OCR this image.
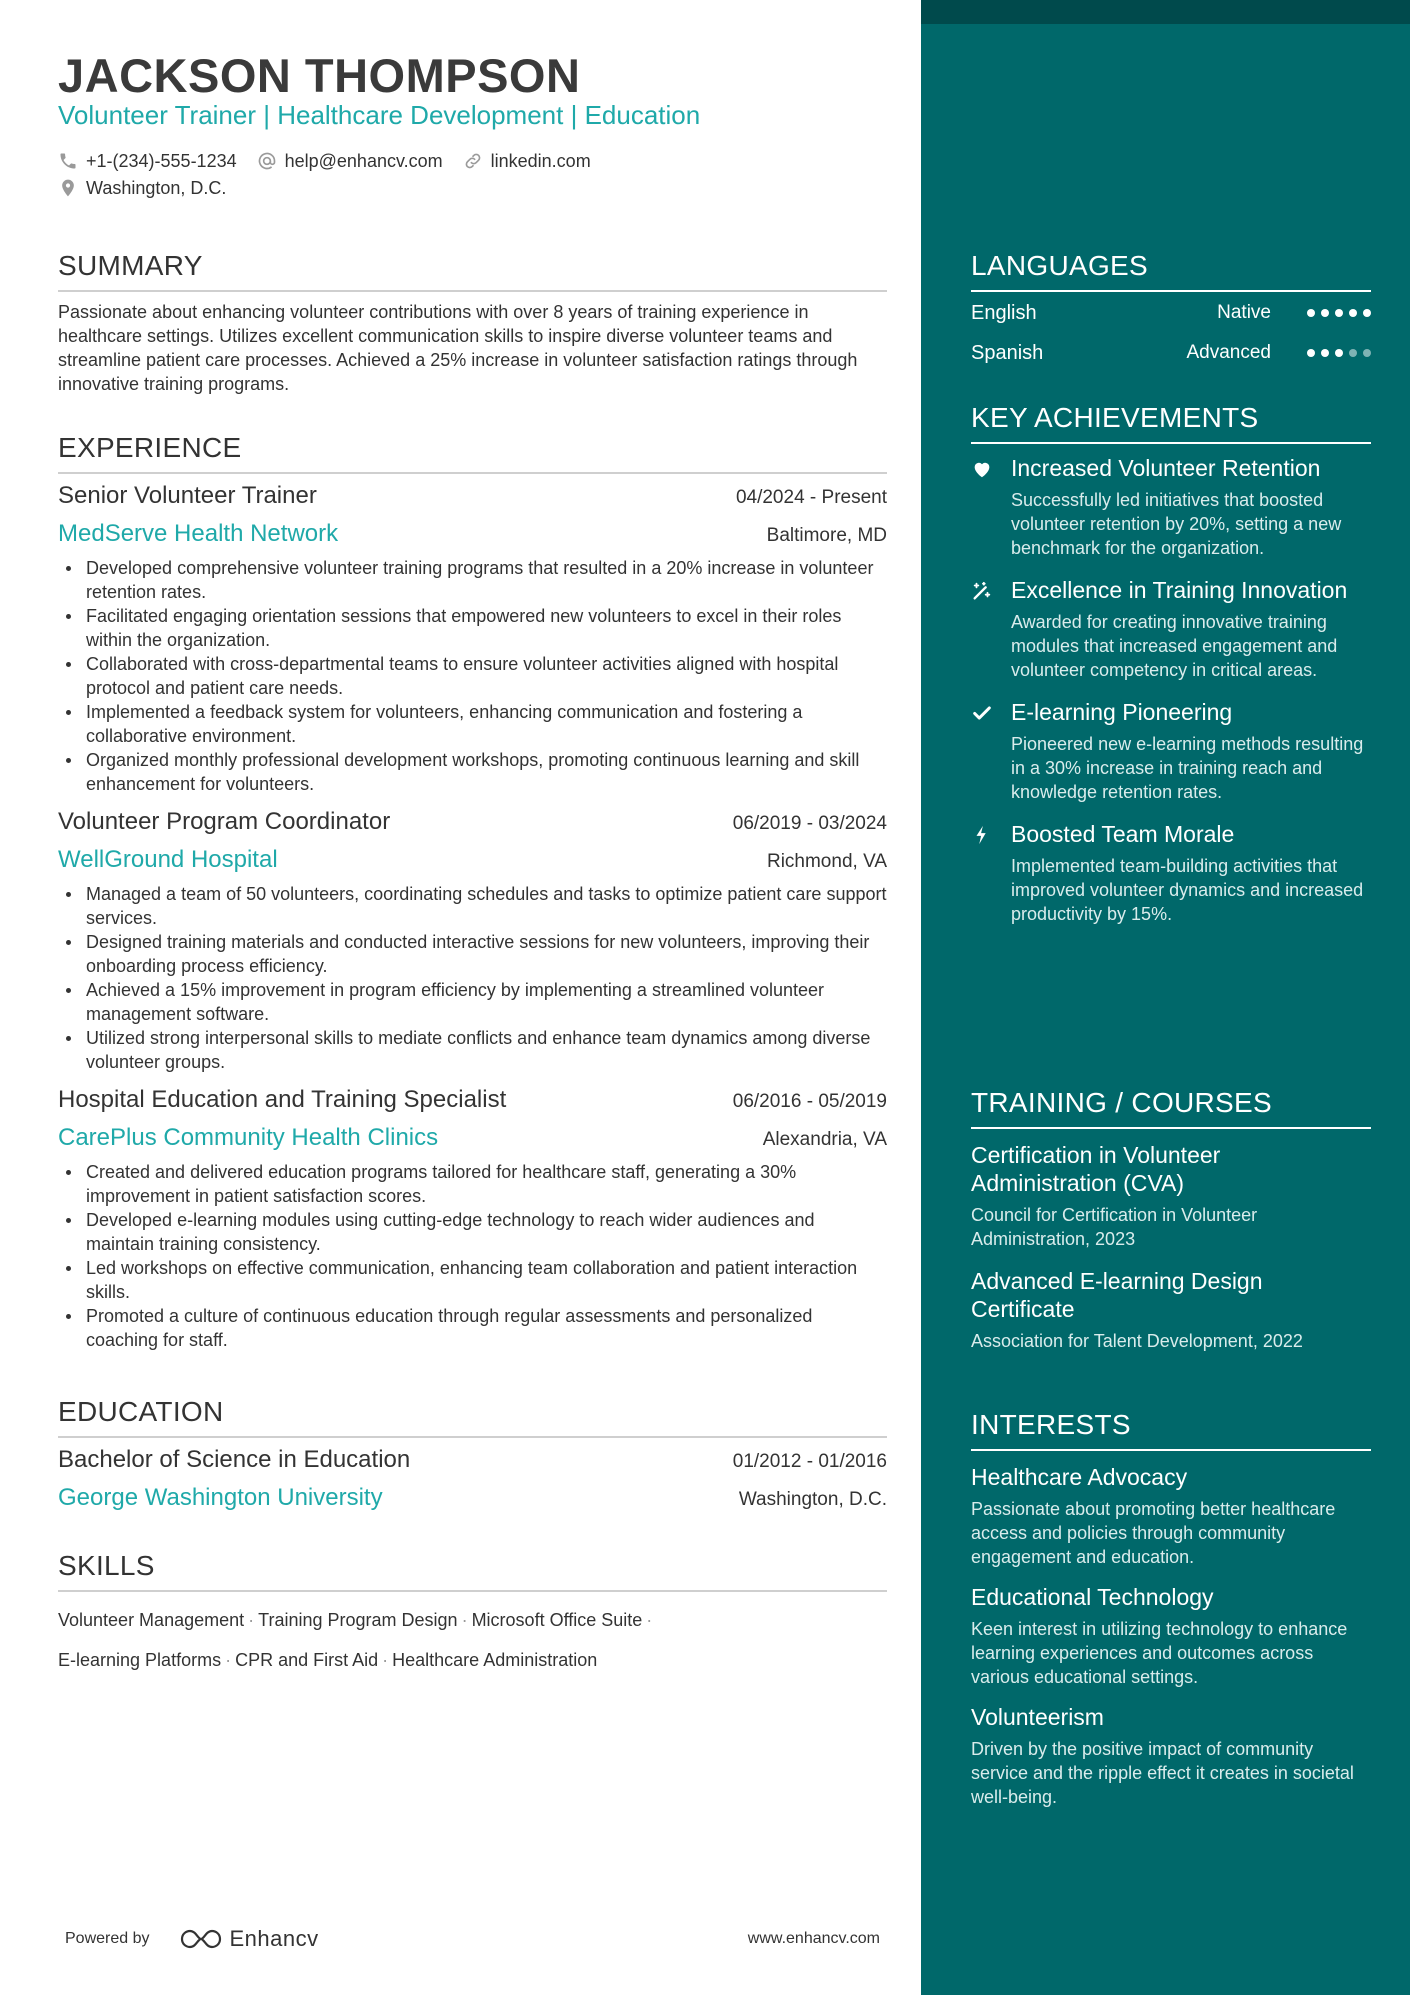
JACKSON THOMPSON
Volunteer Trainer | Healthcare Development | Education
+1-(234)-555-1234	help@enhancv.com	linkedin.com
Washington, D.C.
SUMMARY
Passionate about enhancing volunteer contributions with over 8 years of training experience in healthcare settings. Utilizes excellent communication skills to inspire diverse volunteer teams and streamline patient care processes. Achieved a 25% increase in volunteer satisfaction ratings through innovative training programs.
EXPERIENCE
Senior Volunteer Trainer	04/2024 - Present
MedServe Health Network	Baltimore, MD
Developed comprehensive volunteer training programs that resulted in a 20% increase in volunteer retention rates.
Facilitated engaging orientation sessions that empowered new volunteers to excel in their roles within the organization.
Collaborated with cross-departmental teams to ensure volunteer activities aligned with hospital protocol and patient care needs.
Implemented a feedback system for volunteers, enhancing communication and fostering a collaborative environment.
Organized monthly professional development workshops, promoting continuous learning and skill enhancement for volunteers.
Volunteer Program Coordinator	06/2019 - 03/2024
WellGround Hospital	Richmond, VA
Managed a team of 50 volunteers, coordinating schedules and tasks to optimize patient care support services.
Designed training materials and conducted interactive sessions for new volunteers, improving their onboarding process efficiency.
Achieved a 15% improvement in program efficiency by implementing a streamlined volunteer management software.
Utilized strong interpersonal skills to mediate conflicts and enhance team dynamics among diverse volunteer groups.
Hospital Education and Training Specialist	06/2016 - 05/2019
CarePlus Community Health Clinics	Alexandria, VA
Created and delivered education programs tailored for healthcare staff, generating a 30% improvement in patient satisfaction scores.
Developed e-learning modules using cutting-edge technology to reach wider audiences and maintain training consistency.
Led workshops on effective communication, enhancing team collaboration and patient interaction skills.
Promoted a culture of continuous education through regular assessments and personalized coaching for staff.
EDUCATION
Bachelor of Science in Education	01/2012 - 01/2016
George Washington University	Washington, D.C.
SKILLS
Volunteer Management · Training Program Design · Microsoft Office Suite ·
E-learning Platforms · CPR and First Aid · Healthcare Administration
Powered by	Enhancv	www.enhancv.com
LANGUAGES
English	Native
Spanish	Advanced
KEY ACHIEVEMENTS
Increased Volunteer Retention
Successfully led initiatives that boosted volunteer retention by 20%, setting a new benchmark for the organization.
Excellence in Training Innovation
Awarded for creating innovative training modules that increased engagement and volunteer competency in critical areas.
E-learning Pioneering
Pioneered new e-learning methods resulting in a 30% increase in training reach and knowledge retention rates.
Boosted Team Morale
Implemented team-building activities that improved volunteer dynamics and increased productivity by 15%.
TRAINING / COURSES
Certification in Volunteer Administration (CVA)
Council for Certification in Volunteer Administration, 2023
Advanced E-learning Design Certificate
Association for Talent Development, 2022
INTERESTS
Healthcare Advocacy
Passionate about promoting better healthcare access and policies through community engagement and education.
Educational Technology
Keen interest in utilizing technology to enhance learning experiences and outcomes across various educational settings.
Volunteerism
Driven by the positive impact of community service and the ripple effect it creates in societal well-being.
